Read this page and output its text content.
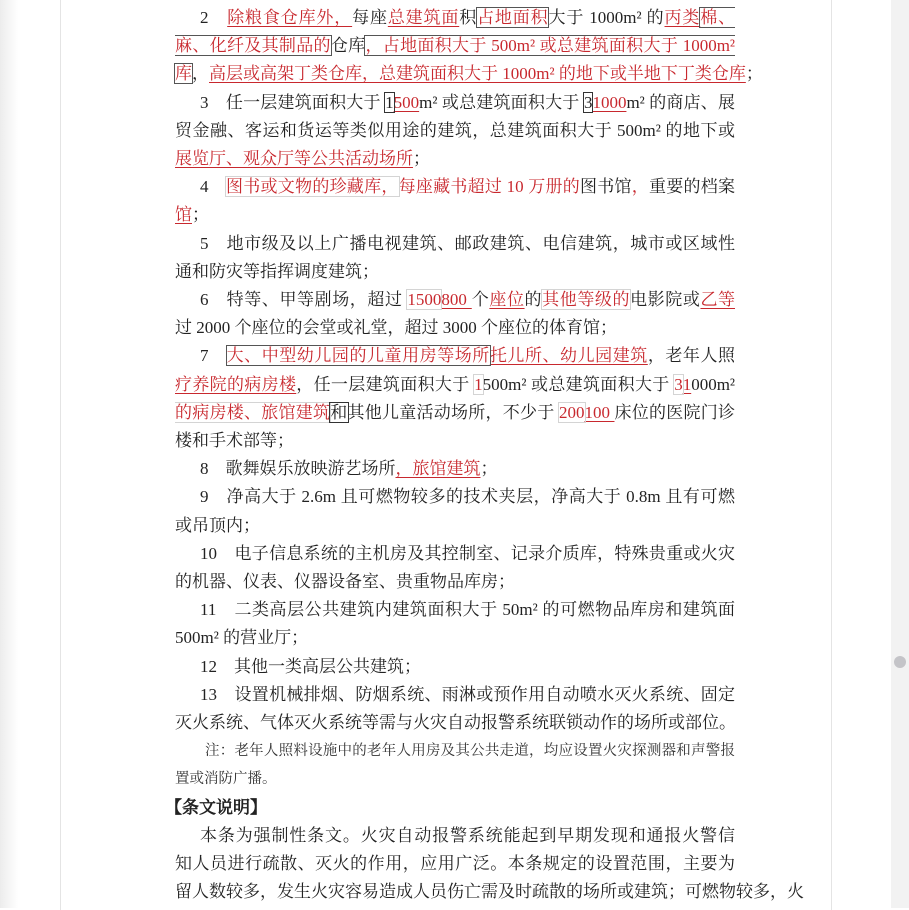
2　除粮食仓库外，每座总建筑面积占地面积大于 1000m² 的丙类棉、
麻、化纤及其制品的仓库，占地面积大于 500m² 或总建筑面积大于 1000m²
库，高层或高架丁类仓库，总建筑面积大于 1000m² 的地下或半地下丁类仓库；
3　任一层建筑面积大于 1500m² 或总建筑面积大于 31000m² 的商店、展
贸金融、客运和货运等类似用途的建筑，总建筑面积大于 500m² 的地下或
展览厅、观众厅等公共活动场所；
4　图书或文物的珍藏库，每座藏书超过 10 万册的图书馆，重要的档案
馆；
5　地市级及以上广播电视建筑、邮政建筑、电信建筑，城市或区域性
通和防灾等指挥调度建筑；
6　特等、甲等剧场，超过 1500800 个座位的其他等级的电影院或乙等
过 2000 个座位的会堂或礼堂，超过 3000 个座位的体育馆；
7　大、中型幼儿园的儿童用房等场所托儿所、幼儿园建筑，老年人照
疗养院的病房楼，任一层建筑面积大于 1500m² 或总建筑面积大于 31000m²
的病房楼、旅馆建筑和其他儿童活动场所，不少于 200100 床位的医院门诊
楼和手术部等；
8　歌舞娱乐放映游艺场所，旅馆建筑；
9　净高大于 2.6m 且可燃物较多的技术夹层，净高大于 0.8m 且有可燃
或吊顶内；
10　电子信息系统的主机房及其控制室、记录介质库，特殊贵重或火灾
的机器、仪表、仪器设备室、贵重物品库房；
11　二类高层公共建筑内建筑面积大于 50m² 的可燃物品库房和建筑面
500m² 的营业厅；
12　其他一类高层公共建筑；
13　设置机械排烟、防烟系统、雨淋或预作用自动喷水灭火系统、固定
灭火系统、气体灭火系统等需与火灾自动报警系统联锁动作的场所或部位。
注：老年人照料设施中的老年人用房及其公共走道，均应设置火灾探测器和声警报
置或消防广播。
【条文说明】
本条为强制性条文。火灾自动报警系统能起到早期发现和通报火警信
知人员进行疏散、灭火的作用，应用广泛。本条规定的设置范围，主要为
留人数较多，发生火灾容易造成人员伤亡需及时疏散的场所或建筑；可燃物较多，火
